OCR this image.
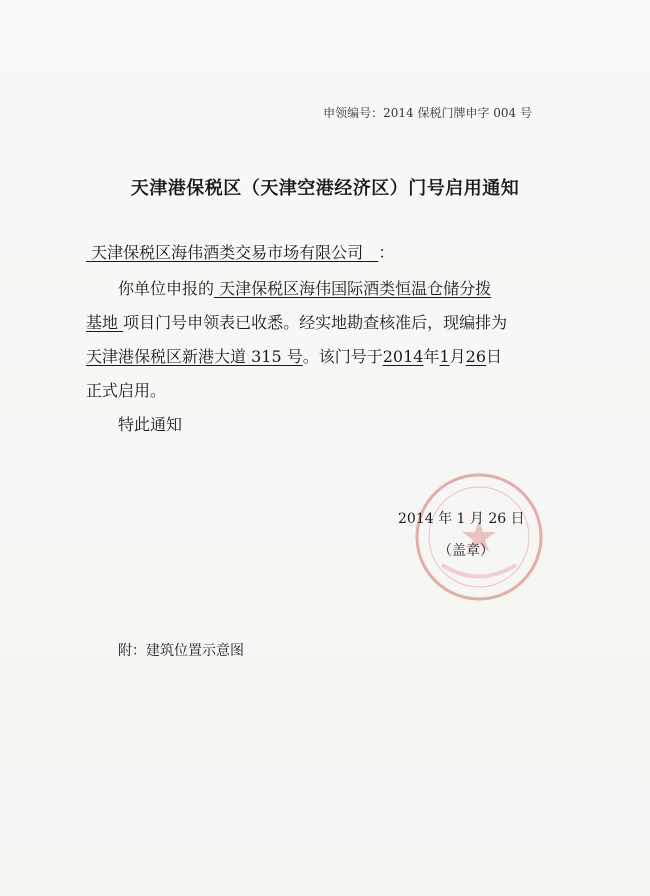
申领编号：2014 保税门牌申字 004 号
天津港保税区（天津空港经济区）门号启用通知
天津保税区海伟酒类交易市场有限公司 ：
你单位申报的 天津保税区海伟国际酒类恒温仓储分拨
基地 项目门号申领表已收悉。经实地勘查核准后，现编排为
天津港保税区新港大道 315 号。该门号于2014年1月26日
正式启用。
特此通知
2014 年 1 月 26 日
（盖章）
附：建筑位置示意图
